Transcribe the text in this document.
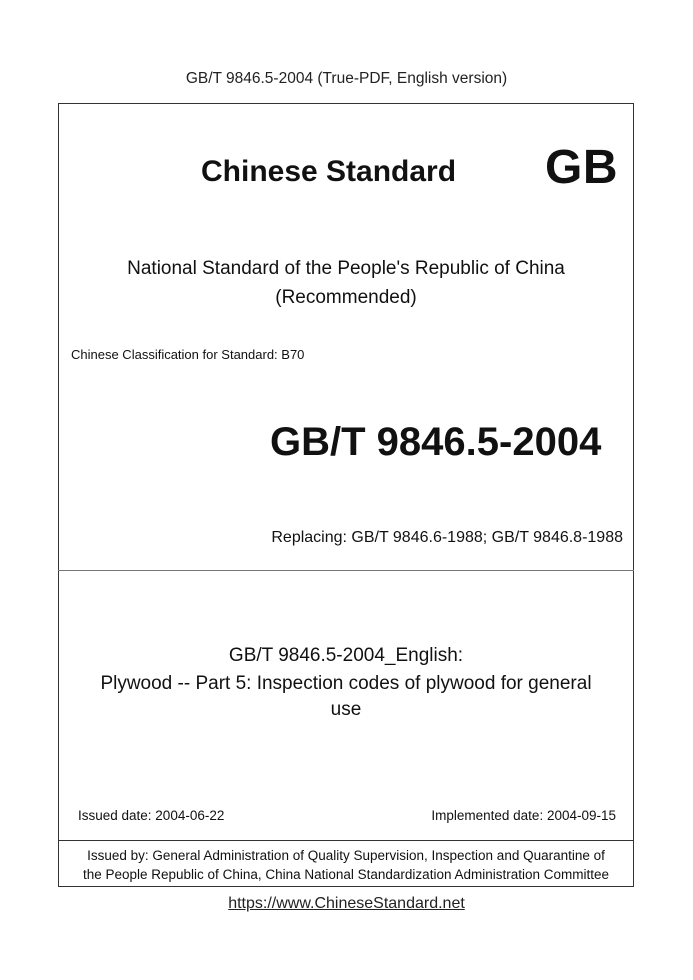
GB/T 9846.5-2004 (True-PDF, English version)
Chinese Standard GB
National Standard of the People's Republic of China
(Recommended)
Chinese Classification for Standard: B70
GB/T 9846.5-2004
Replacing: GB/T 9846.6-1988; GB/T 9846.8-1988
GB/T 9846.5-2004_English:
Plywood -- Part 5: Inspection codes of plywood for general
use
Issued date: 2004-06-22	Implemented date: 2004-09-15
Issued by: General Administration of Quality Supervision, Inspection and Quarantine of
the People Republic of China, China National Standardization Administration Committee
https://www.ChineseStandard.net
